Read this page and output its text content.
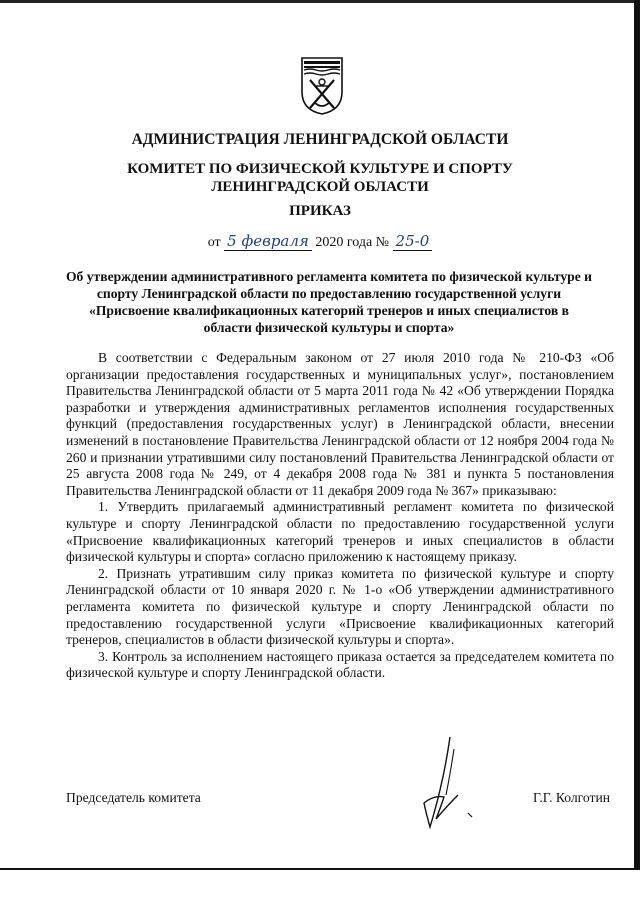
АДМИНИСТРАЦИЯ ЛЕНИНГРАДСКОЙ ОБЛАСТИ
КОМИТЕТ ПО ФИЗИЧЕСКОЙ КУЛЬТУРЕ И СПОРТУ
ЛЕНИНГРАДСКОЙ ОБЛАСТИ
ПРИКАЗ
от 5 февраля 2020 года № 25-0
Об утверждении административного регламента комитета по физической культуре и спорту Ленинградской области по предоставлению государственной услуги «Присвоение квалификационных категорий тренеров и иных специалистов в области физической культуры и спорта»

В соответствии с Федеральным законом от 27 июля 2010 года № 210-ФЗ «Об организации предоставления государственных и муниципальных услуг», постановлением Правительства Ленинградской области от 5 марта 2011 года № 42 «Об утверждении Порядка разработки и утверждения административных регламентов исполнения государственных функций (предоставления государственных услуг) в Ленинградской области, внесении изменений в постановление Правительства Ленинградской области от 12 ноября 2004 года № 260 и признании утратившими силу постановлений Правительства Ленинградской области от 25 августа 2008 года № 249, от 4 декабря 2008 года № 381 и пункта 5 постановления Правительства Ленинградской области от 11 декабря 2009 года № 367» приказываю:

1. Утвердить прилагаемый административный регламент комитета по физической культуре и спорту Ленинградской области по предоставлению государственной услуги «Присвоение квалификационных категорий тренеров и иных специалистов в области физической культуры и спорта» согласно приложению к настоящему приказу.

2. Признать утратившим силу приказ комитета по физической культуре и спорту Ленинградской области от 10 января 2020 г. № 1-о «Об утверждении административного регламента комитета по физической культуре и спорту Ленинградской области по предоставлению государственной услуги «Присвоение квалификационных категорий тренеров, специалистов в области физической культуры и спорта».

3. Контроль за исполнением настоящего приказа остается за председателем комитета по физической культуре и спорту Ленинградской области.

Председатель комитета	Г.Г. Колготин
